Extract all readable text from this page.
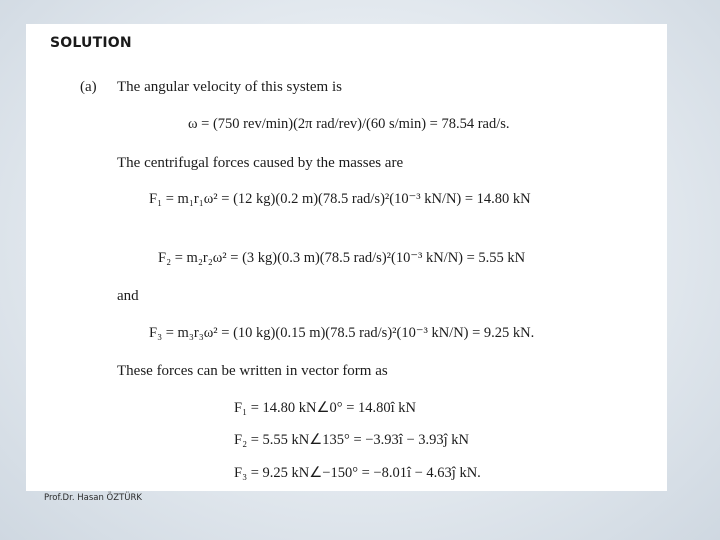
SOLUTION
(a) The angular velocity of this system is
ω = (750 rev/min)(2π rad/rev)/(60 s/min) = 78.54 rad/s.
The centrifugal forces caused by the masses are
F₁ = m₁r₁ω² = (12 kg)(0.2 m)(78.5 rad/s)²(10⁻³ kN/N) = 14.80 kN
F₂ = m₂r₂ω² = (3 kg)(0.3 m)(78.5 rad/s)²(10⁻³ kN/N) = 5.55 kN
and
F₃ = m₃r₃ω² = (10 kg)(0.15 m)(78.5 rad/s)²(10⁻³ kN/N) = 9.25 kN.
These forces can be written in vector form as
F₁ = 14.80 kN∠0° = 14.80î kN
F₂ = 5.55 kN∠135° = −3.93î − 3.93ĵ kN
F₃ = 9.25 kN∠−150° = −8.01î − 4.63ĵ kN.
Prof.Dr. Hasan ÖZTÜRK
